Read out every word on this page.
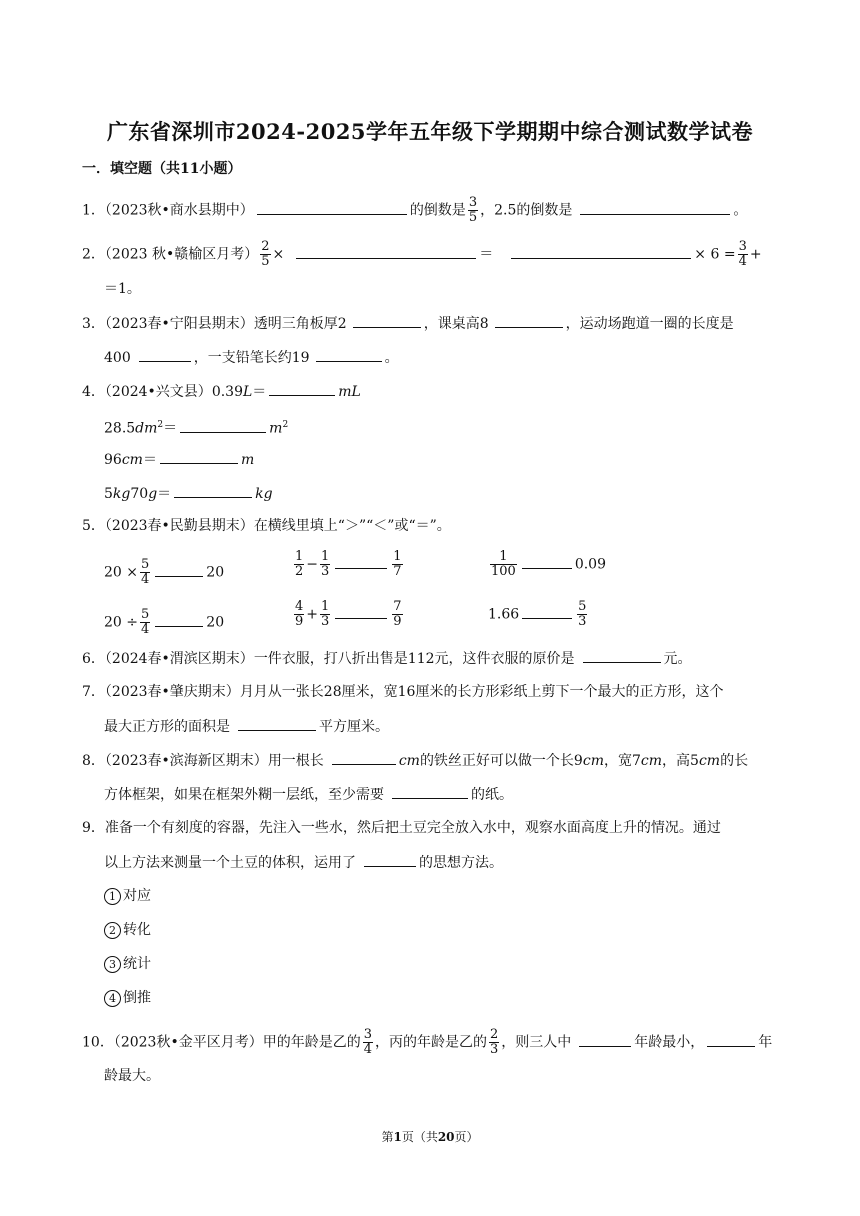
广东省深圳市2024-2025学年五年级下学期期中综合测试数学试卷
一．填空题（共11小题）
1．（2023秋•商水县期中）	的倒数是 $\frac{3}{5}$ ，2.5的倒数是	。
2．（2023 秋•赣榆区月考） $\frac{2}{5}$ ×	＝	× $6 = \frac{3}{4}$ +
＝1。
3．（2023春•宁阳县期末）透明三角板厚2	，课桌高8	，运动场跑道一圈的长度是
400	，一支铅笔长约19	。
4．（2024•兴文县）0.39L＝	mL
$28.5dm^2=$	$m^2$
96cm＝	m
5kg70g＝	kg
5．（2023春•民勤县期末）在横线里填上“＞”“＜”或“＝”。
$20 \times \frac{5}{4}$	20	$\frac{1}{2} - \frac{1}{3}$	$\frac{1}{7}$	$\frac{1}{100}$	0.09
$20 \div \frac{5}{4}$	20	$\frac{4}{9} + \frac{1}{3}$	$\frac{7}{9}$	1.66	$\frac{5}{3}$
6．（2024春•渭滨区期末）一件衣服，打八折出售是112元，这件衣服的原价是	元。
7．（2023春•肇庆期末）月月从一张长28厘米，宽16厘米的长方形彩纸上剪下一个最大的正方形，这个
最大正方形的面积是	平方厘米。
8．（2023春•滨海新区期末）用一根长	cm的铁丝正好可以做一个长9cm，宽7cm，高5cm的长
方体框架，如果在框架外糊一层纸，至少需要	的纸。
9．准备一个有刻度的容器，先注入一些水，然后把土豆完全放入水中，观察水面高度上升的情况。通过
以上方法来测量一个土豆的体积，运用了	的思想方法。
1 对应
2 转化
3 统计
4 倒推
10．（2023秋•金平区月考）甲的年龄是乙的 $\frac{3}{4}$ ，丙的年龄是乙的 $\frac{2}{3}$ ，则三人中	年龄最小，	年
龄最大。
第1页（共20页）
